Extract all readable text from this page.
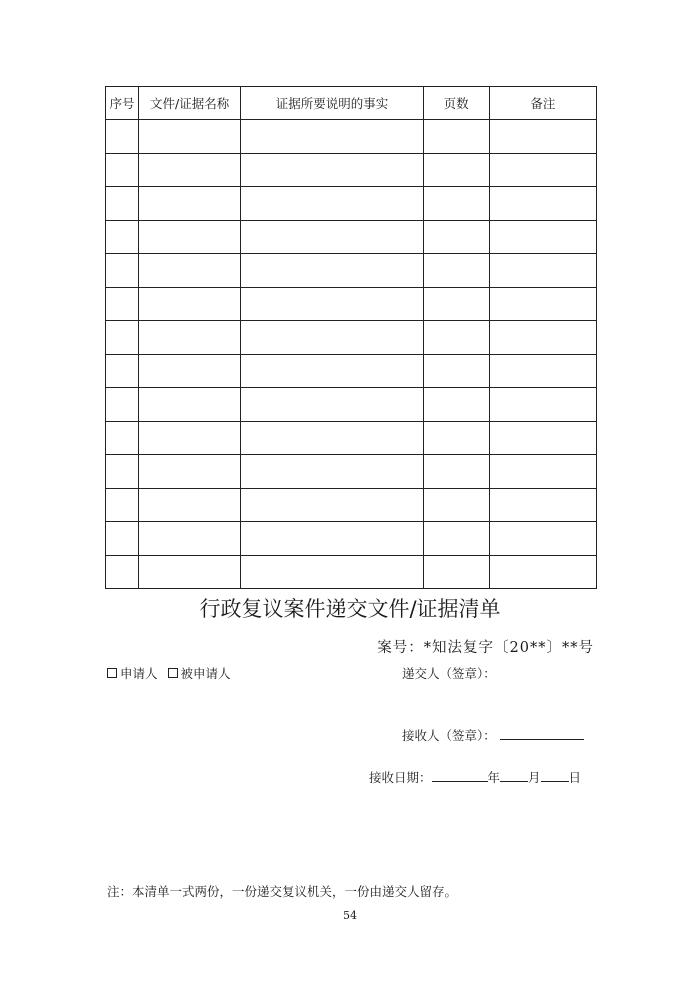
序号	文件/证据名称	证据所要说明的事实	页数	备注

行政复议案件递交文件/证据清单
案号：*知法复字〔20**〕**号
申请人 被申请人	递交人（签章）：
接收人（签章）：
接收日期：	年 月 日
注：本清单一式两份，一份递交复议机关，一份由递交人留存。
54
